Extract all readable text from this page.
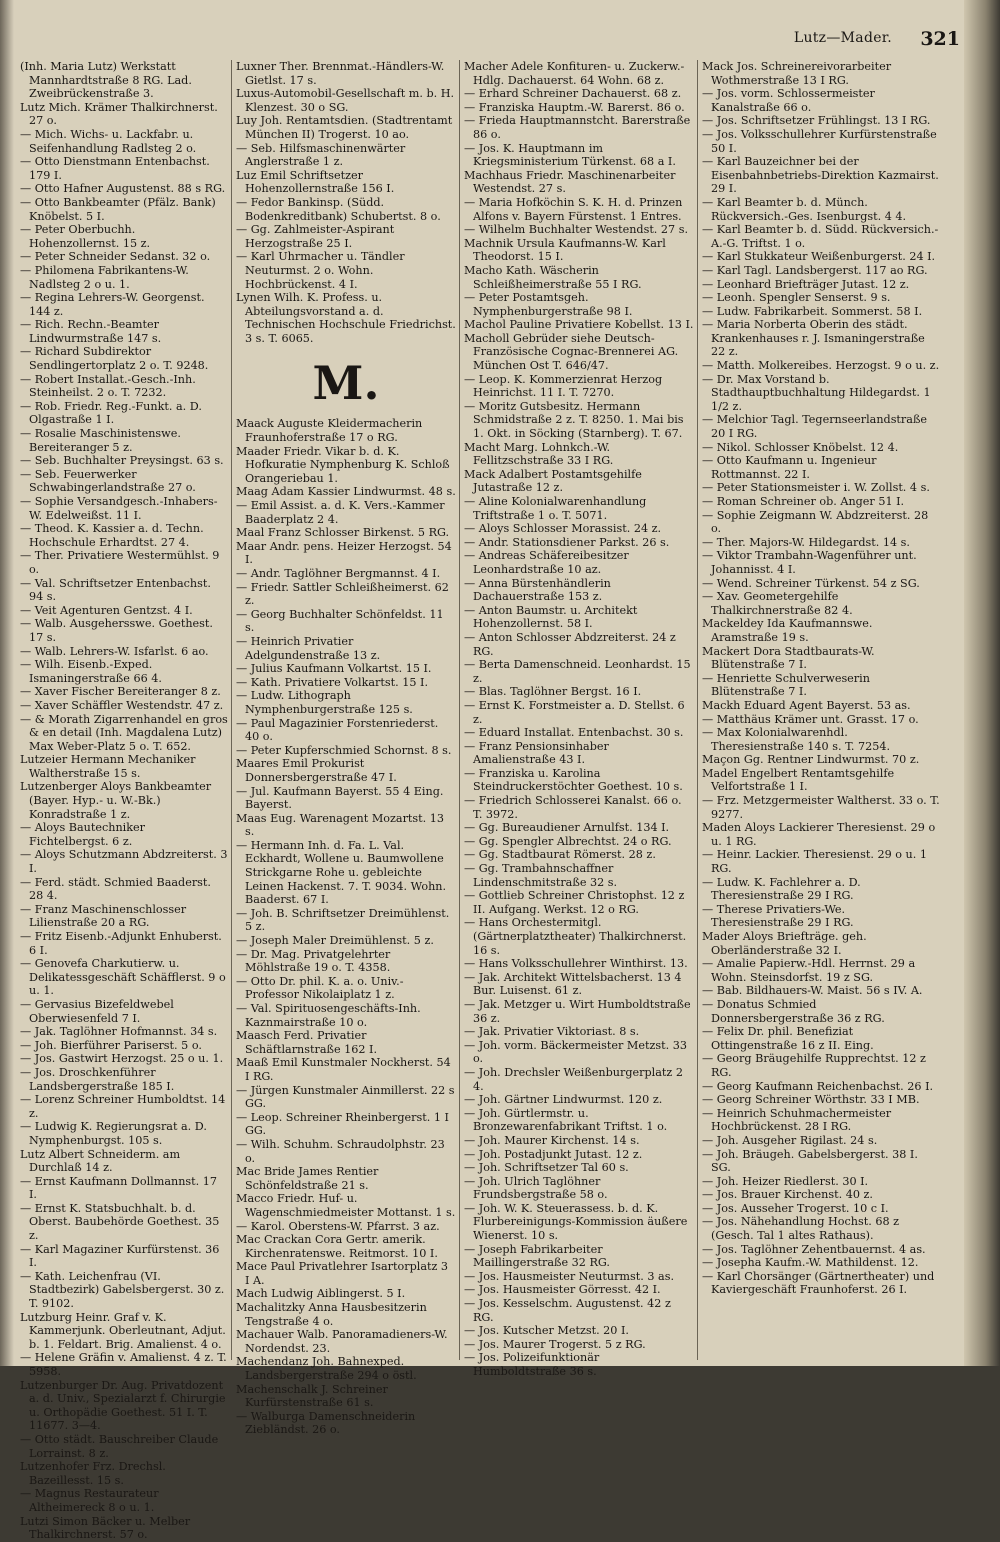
Lutz—Mader. 321

(Inh. Maria Lutz) Werkstatt Mannhardtstraße 8 RG. Lad. Zweibrückenstraße 3.

Lutz Mich. Krämer Thalkirchnerst. 27 o.

— Mich. Wichs- u. Lackfabr. u. Seifenhandlung Radlsteg 2 o.

— Otto Dienstmann Entenbachst. 179 I.

— Otto Hafner Augustenst. 88 s RG.

— Otto Bankbeamter (Pfälz. Bank) Knöbelst. 5 I.

— Peter Oberbuchh. Hohenzollernst. 15 z.

— Peter Schneider Sedanst. 32 o.

— Philomena Fabrikantens-W. Nadlsteg 2 o u. 1.

— Regina Lehrers-W. Georgenst. 144 z.

— Rich. Rechn.-Beamter Lindwurmstraße 147 s.

— Richard Subdirektor Sendlingertorplatz 2 o. T. 9248.

— Robert Installat.-Gesch.-Inh. Steinheilst. 2 o. T. 7232.

— Rob. Friedr. Reg.-Funkt. a. D. Olgastraße 1 I.

— Rosalie Maschinistenswe. Bereiteranger 5 z.

— Seb. Buchhalter Preysingst. 63 s.

— Seb. Feuerwerker Schwabingerlandstraße 27 o.

— Sophie Versandgesch.-Inhabers-W. Edelweißst. 11 I.

— Theod. K. Kassier a. d. Techn. Hochschule Erhardtst. 27 4.

— Ther. Privatiere Westermühlst. 9 o.

— Val. Schriftsetzer Entenbachst. 94 s.

— Veit Agenturen Gentzst. 4 I.

— Walb. Ausgehersswe. Goethest. 17 s.

— Walb. Lehrers-W. Isfarlst. 6 ao.

— Wilh. Eisenb.-Exped. Ismaningerstraße 66 4.

— Xaver Fischer Bereiteranger 8 z.

— Xaver Schäffler Westendstr. 47 z.

— & Morath Zigarrenhandel en gros & en detail (Inh. Magdalena Lutz) Max Weber-Platz 5 o. T. 652.

Lutzeier Hermann Mechaniker Waltherstraße 15 s.

Lutzenberger Aloys Bankbeamter (Bayer. Hyp.- u. W.-Bk.) Konradstraße 1 z.

— Aloys Bautechniker Fichtelbergst. 6 z.

— Aloys Schutzmann Abdzreiterst. 3 I.

— Ferd. städt. Schmied Baaderst. 28 4.

— Franz Maschinenschlosser Lilienstraße 20 a RG.

— Fritz Eisenb.-Adjunkt Enhuberst. 6 I.

— Genovefa Charkutierw. u. Delikatessgeschäft Schäfflerst. 9 o u. 1.

— Gervasius Bizefeldwebel Oberwiesenfeld 7 I.

— Jak. Taglöhner Hofmannst. 34 s.

— Joh. Bierführer Pariserst. 5 o.

— Jos. Gastwirt Herzogst. 25 o u. 1.

— Jos. Droschkenführer Landsbergerstraße 185 I.

— Lorenz Schreiner Humboldtst. 14 z.

— Ludwig K. Regierungsrat a. D. Nymphenburgst. 105 s.

Lutz Albert Schneiderm. am Durchlaß 14 z.

— Ernst Kaufmann Dollmannst. 17 I.

— Ernst K. Statsbuchhalt. b. d. Oberst. Baubehörde Goethest. 35 z.

— Karl Magaziner Kurfürstenst. 36 I.

— Kath. Leichenfrau (VI. Stadtbezirk) Gabelsbergerst. 30 z. T. 9102.

Lutzburg Heinr. Graf v. K. Kammerjunk. Oberleutnant, Adjut. b. 1. Feldart. Brig. Amalienst. 4 o.

— Helene Gräfin v. Amalienst. 4 z. T. 5958.

Lutzenburger Dr. Aug. Privatdozent a. d. Univ., Spezialarzt f. Chirurgie u. Orthopädie Goethest. 51 I. T. 11677. 3—4.

— Otto städt. Bauschreiber Claude Lorrainst. 8 z.

Lutzenhofer Frz. Drechsl. Bazeillesst. 15 s.

— Magnus Restaurateur Altheimereck 8 o u. 1.

Lutzi Simon Bäcker u. Melber Thalkirchnerst. 57 o.

Luxner Ther. Brennmat.-Händlers-W. Gietlst. 17 s.

Luxus-Automobil-Gesellschaft m. b. H. Klenzest. 30 o SG.

Luy Joh. Rentamtsdien. (Stadtrentamt München II) Trogerst. 10 ao.

— Seb. Hilfsmaschinenwärter Anglerstraße 1 z.

Luz Emil Schriftsetzer Hohenzollernstraße 156 I.

— Fedor Bankinsp. (Südd. Bodenkreditbank) Schubertst. 8 o.

— Gg. Zahlmeister-Aspirant Herzogstraße 25 I.

— Karl Uhrmacher u. Tändler Neuturmst. 2 o. Wohn. Hochbrückenst. 4 I.

Lynen Wilh. K. Profess. u. Abteilungsvorstand a. d. Technischen Hochschule Friedrichst. 3 s. T. 6065.

M.

Maack Auguste Kleidermacherin Fraunhoferstraße 17 o RG.

Maader Friedr. Vikar b. d. K. Hofkuratie Nymphenburg K. Schloß Orangeriebau 1.

Maag Adam Kassier Lindwurmst. 48 s.

— Emil Assist. a. d. K. Vers.-Kammer Baaderplatz 2 4.

Maal Franz Schlosser Birkenst. 5 RG.

Maar Andr. pens. Heizer Herzogst. 54 I.

— Andr. Taglöhner Bergmannst. 4 I.

— Friedr. Sattler Schleißheimerst. 62 z.

— Georg Buchhalter Schönfeldst. 11 s.

— Heinrich Privatier Adelgundenstraße 13 z.

— Julius Kaufmann Volkartst. 15 I.

— Kath. Privatiere Volkartst. 15 I.

— Ludw. Lithograph Nymphenburgerstraße 125 s.

— Paul Magazinier Forstenriederst. 40 o.

— Peter Kupferschmied Schornst. 8 s.

Maares Emil Prokurist Donnersbergerstraße 47 I.

— Jul. Kaufmann Bayerst. 55 4 Eing. Bayerst.

Maas Eug. Warenagent Mozartst. 13 s.

— Hermann Inh. d. Fa. L. Val. Eckhardt, Wollene u. Baumwollene Strickgarne Rohe u. gebleichte Leinen Hackenst. 7. T. 9034. Wohn. Baaderst. 67 I.

— Joh. B. Schriftsetzer Dreimühlenst. 5 z.

— Joseph Maler Dreimühlenst. 5 z.

— Dr. Mag. Privatgelehrter Möhlstraße 19 o. T. 4358.

— Otto Dr. phil. K. a. o. Univ.-Professor Nikolaiplatz 1 z.

— Val. Spirituosengeschäfts-Inh. Kaznmairstraße 10 o.

Maasch Ferd. Privatier Schäftlarnstraße 162 I.

Maaß Emil Kunstmaler Nockherst. 54 I RG.

— Jürgen Kunstmaler Ainmillerst. 22 s GG.

— Leop. Schreiner Rheinbergerst. 1 I GG.

— Wilh. Schuhm. Schraudolphstr. 23 o.

Mac Bride James Rentier Schönfeldstraße 21 s.

Macco Friedr. Huf- u. Wagenschmiedmeister Mottanst. 1 s.

— Karol. Oberstens-W. Pfarrst. 3 az.

Mac Crackan Cora Gertr. amerik. Kirchenratenswe. Reitmorst. 10 I.

Mace Paul Privatlehrer Isartorplatz 3 I A.

Mach Ludwig Aiblingerst. 5 I.

Machalitzky Anna Hausbesitzerin Tengstraße 4 o.

Machauer Walb. Panoramadieners-W. Nordendst. 23.

Machendanz Joh. Bahnexped. Landsbergerstraße 294 o östl.

Machenschalk J. Schreiner Kurfürstenstraße 61 s.

— Walburga Damenschneiderin Ziebländst. 26 o.

Macher Adele Konfituren- u. Zuckerw.-Hdlg. Dachauerst. 64 Wohn. 68 z.

— Erhard Schreiner Dachauerst. 68 z.

— Franziska Hauptm.-W. Barerst. 86 o.

— Frieda Hauptmannstcht. Barerstraße 86 o.

— Jos. K. Hauptmann im Kriegsministerium Türkenst. 68 a I.

Machhaus Friedr. Maschinenarbeiter Westendst. 27 s.

— Maria Hofköchin S. K. H. d. Prinzen Alfons v. Bayern Fürstenst. 1 Entres.

— Wilhelm Buchhalter Westendst. 27 s.

Machnik Ursula Kaufmanns-W. Karl Theodorst. 15 I.

Macho Kath. Wäscherin Schleißheimerstraße 55 I RG.

— Peter Postamtsgeh. Nymphenburgerstraße 98 I.

Machol Pauline Privatiere Kobellst. 13 I.

Macholl Gebrüder siehe Deutsch-Französische Cognac-Brennerei AG. München Ost T. 646/47.

— Leop. K. Kommerzienrat Herzog Heinrichst. 11 I. T. 7270.

— Moritz Gutsbesitz. Hermann Schmidstraße 2 z. T. 8250. 1. Mai bis 1. Okt. in Söcking (Starnberg). T. 67.

Macht Marg. Lohnkch.-W. Fellitzschstraße 33 I RG.

Mack Adalbert Postamtsgehilfe Jutastraße 12 z.

— Aline Kolonialwarenhandlung Triftstraße 1 o. T. 5071.

— Aloys Schlosser Morassist. 24 z.

— Andr. Stationsdiener Parkst. 26 s.

— Andreas Schäfereibesitzer Leonhardstraße 10 az.

— Anna Bürstenhändlerin Dachauerstraße 153 z.

— Anton Baumstr. u. Architekt Hohenzollernst. 58 I.

— Anton Schlosser Abdzreiterst. 24 z RG.

— Berta Damenschneid. Leonhardst. 15 z.

— Blas. Taglöhner Bergst. 16 I.

— Ernst K. Forstmeister a. D. Stellst. 6 z.

— Eduard Installat. Entenbachst. 30 s.

— Franz Pensionsinhaber Amalienstraße 43 I.

— Franziska u. Karolina Steindruckerstöchter Goethest. 10 s.

— Friedrich Schlosserei Kanalst. 66 o. T. 3972.

— Gg. Bureaudiener Arnulfst. 134 I.

— Gg. Spengler Albrechtst. 24 o RG.

— Gg. Stadtbaurat Römerst. 28 z.

— Gg. Trambahnschaffner Lindenschmitstraße 32 s.

— Gottlieb Schreiner Christophst. 12 z II. Aufgang. Werkst. 12 o RG.

— Hans Orchestermitgl. (Gärtnerplatztheater) Thalkirchnerst. 16 s.

— Hans Volksschullehrer Winthirst. 13.

— Jak. Architekt Wittelsbacherst. 13 4 Bur. Luisenst. 61 z.

— Jak. Metzger u. Wirt Humboldtstraße 36 z.

— Jak. Privatier Viktoriast. 8 s.

— Joh. vorm. Bäckermeister Metzst. 33 o.

— Joh. Drechsler Weißenburgerplatz 2 4.

— Joh. Gärtner Lindwurmst. 120 z.

— Joh. Gürtlermstr. u. Bronzewarenfabrikant Triftst. 1 o.

— Joh. Maurer Kirchenst. 14 s.

— Joh. Postadjunkt Jutast. 12 z.

— Joh. Schriftsetzer Tal 60 s.

— Joh. Ulrich Taglöhner Frundsbergstraße 58 o.

— Joh. W. K. Steuerassess. b. d. K. Flurbereinigungs-Kommission äußere Wienerst. 10 s.

— Joseph Fabrikarbeiter Maillingerstraße 32 RG.

— Jos. Hausmeister Neuturmst. 3 as.

— Jos. Hausmeister Görresst. 42 I.

— Jos. Kesselschm. Augustenst. 42 z RG.

— Jos. Kutscher Metzst. 20 I.

— Jos. Maurer Trogerst. 5 z RG.

— Jos. Polizeifunktionär Humboldtstraße 36 s.

Mack Jos. Schreinereivorarbeiter Wothmerstraße 13 I RG.

— Jos. vorm. Schlossermeister Kanalstraße 66 o.

— Jos. Schriftsetzer Frühlingst. 13 I RG.

— Jos. Volksschullehrer Kurfürstenstraße 50 I.

— Karl Bauzeichner bei der Eisenbahnbetriebs-Direktion Kazmairst. 29 I.

— Karl Beamter b. d. Münch. Rückversich.-Ges. Isenburgst. 4 4.

— Karl Beamter b. d. Südd. Rückversich.-A.-G. Triftst. 1 o.

— Karl Stukkateur Weißenburgerst. 24 I.

— Karl Tagl. Landsbergerst. 117 ao RG.

— Leonhard Briefträger Jutast. 12 z.

— Leonh. Spengler Senserst. 9 s.

— Ludw. Fabrikarbeit. Sommerst. 58 I.

— Maria Norberta Oberin des städt. Krankenhauses r. J. Ismaningerstraße 22 z.

— Matth. Molkereibes. Herzogst. 9 o u. z.

— Dr. Max Vorstand b. Stadthauptbuchhaltung Hildegardst. 1 1/2 z.

— Melchior Tagl. Tegernseerlandstraße 20 I RG.

— Nikol. Schlosser Knöbelst. 12 4.

— Otto Kaufmann u. Ingenieur Rottmannst. 22 I.

— Peter Stationsmeister i. W. Zollst. 4 s.

— Roman Schreiner ob. Anger 51 I.

— Sophie Zeigmann W. Abdzreiterst. 28 o.

— Ther. Majors-W. Hildegardst. 14 s.

— Viktor Trambahn-Wagenführer unt. Johannisst. 4 I.

— Wend. Schreiner Türkenst. 54 z SG.

— Xav. Geometergehilfe Thalkirchnerstraße 82 4.

Mackeldey Ida Kaufmannswe. Aramstraße 19 s.

Mackert Dora Stadtbaurats-W. Blütenstraße 7 I.

— Henriette Schulverweserin Blütenstraße 7 I.

Mackh Eduard Agent Bayerst. 53 as.

— Matthäus Krämer unt. Grasst. 17 o.

— Max Kolonialwarenhdl. Theresienstraße 140 s. T. 7254.

Maçon Gg. Rentner Lindwurmst. 70 z.

Madel Engelbert Rentamtsgehilfe Velfortstraße 1 I.

— Frz. Metzgermeister Waltherst. 33 o. T. 9277.

Maden Aloys Lackierer Theresienst. 29 o u. 1 RG.

— Heinr. Lackier. Theresienst. 29 o u. 1 RG.

— Ludw. K. Fachlehrer a. D. Theresienstraße 29 I RG.

— Therese Privatiers-We. Theresienstraße 29 I RG.

Mader Aloys Briefträge. geh. Oberländerstraße 32 I.

— Amalie Papierw.-Hdl. Herrnst. 29 a Wohn. Steinsdorfst. 19 z SG.

— Bab. Bildhauers-W. Maist. 56 s IV. A.

— Donatus Schmied Donnersbergerstraße 36 z RG.

— Felix Dr. phil. Benefiziat Ottingenstraße 16 z II. Eing.

— Georg Bräugehilfe Rupprechtst. 12 z RG.

— Georg Kaufmann Reichenbachst. 26 I.

— Georg Schreiner Wörthstr. 33 I MB.

— Heinrich Schuhmachermeister Hochbrückenst. 28 I RG.

— Joh. Ausgeher Rigilast. 24 s.

— Joh. Bräugeh. Gabelsbergerst. 38 I. SG.

— Joh. Heizer Riedlerst. 30 I.

— Jos. Brauer Kirchenst. 40 z.

— Jos. Ausseher Trogerst. 10 c I.

— Jos. Nähehandlung Hochst. 68 z (Gesch. Tal 1 altes Rathaus).

— Jos. Taglöhner Zehentbauernst. 4 as.

— Josepha Kaufm.-W. Mathildenst. 12.

— Karl Chorsänger (Gärtnertheater) und Kaviergeschäft Fraunhoferst. 26 I.
